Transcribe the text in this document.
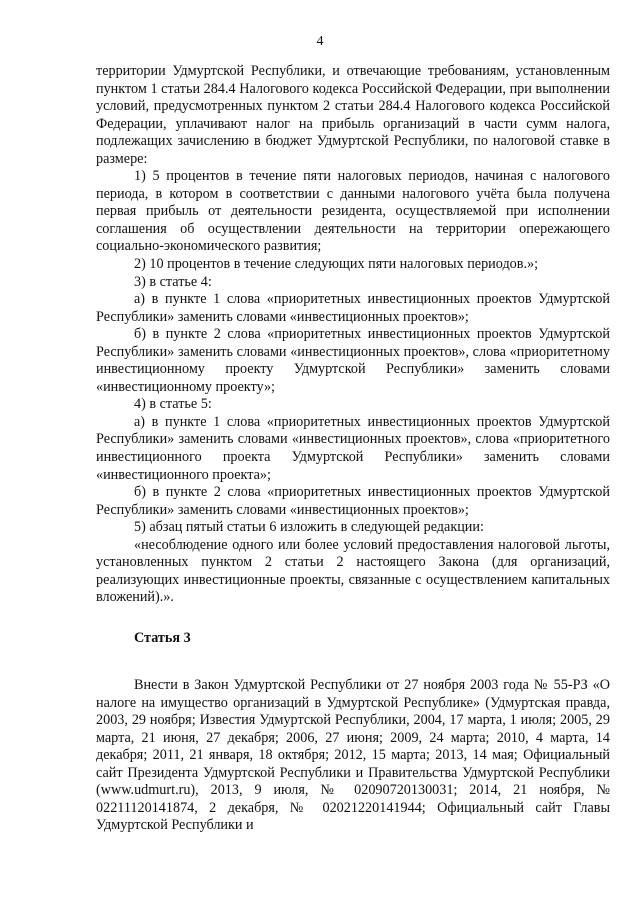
4

территории Удмуртской Республики, и отвечающие требованиям, установленным пунктом 1 статьи 284.4 Налогового кодекса Российской Федерации, при выполнении условий, предусмотренных пунктом 2 статьи 284.4 Налогового кодекса Российской Федерации, уплачивают налог на прибыль организаций в части сумм налога, подлежащих зачислению в бюджет Удмуртской Республики, по налоговой ставке в размере:

1) 5 процентов в течение пяти налоговых периодов, начиная с налогового периода, в котором в соответствии с данными налогового учёта была получена первая прибыль от деятельности резидента, осуществляемой при исполнении соглашения об осуществлении деятельности на территории опережающего социально-экономического развития;

2) 10 процентов в течение следующих пяти налоговых периодов.»;

3) в статье 4:

а) в пункте 1 слова «приоритетных инвестиционных проектов Удмуртской Республики» заменить словами «инвестиционных проектов»;

б) в пункте 2 слова «приоритетных инвестиционных проектов Удмуртской Республики» заменить словами «инвестиционных проектов», слова «приоритетному инвестиционному проекту Удмуртской Республики» заменить словами «инвестиционному проекту»;

4) в статье 5:

а) в пункте 1 слова «приоритетных инвестиционных проектов Удмуртской Республики» заменить словами «инвестиционных проектов», слова «приоритетного инвестиционного проекта Удмуртской Республики» заменить словами «инвестиционного проекта»;

б) в пункте 2 слова «приоритетных инвестиционных проектов Удмуртской Республики» заменить словами «инвестиционных проектов»;

5) абзац пятый статьи 6 изложить в следующей редакции:

«несоблюдение одного или более условий предоставления налоговой льготы, установленных пунктом 2 статьи 2 настоящего Закона (для организаций, реализующих инвестиционные проекты, связанные с осуществлением капитальных вложений).».

Статья 3

Внести в Закон Удмуртской Республики от 27 ноября 2003 года № 55-РЗ «О налоге на имущество организаций в Удмуртской Республике» (Удмуртская правда, 2003, 29 ноября; Известия Удмуртской Республики, 2004, 17 марта, 1 июля; 2005, 29 марта, 21 июня, 27 декабря; 2006, 27 июня; 2009, 24 марта; 2010, 4 марта, 14 декабря; 2011, 21 января, 18 октября; 2012, 15 марта; 2013, 14 мая; Официальный сайт Президента Удмуртской Республики и Правительства Удмуртской Республики (www.udmurt.ru), 2013, 9 июля, № 02090720130031; 2014, 21 ноября, № 02211120141874, 2 декабря, № 02021220141944; Официальный сайт Главы Удмуртской Республики и
